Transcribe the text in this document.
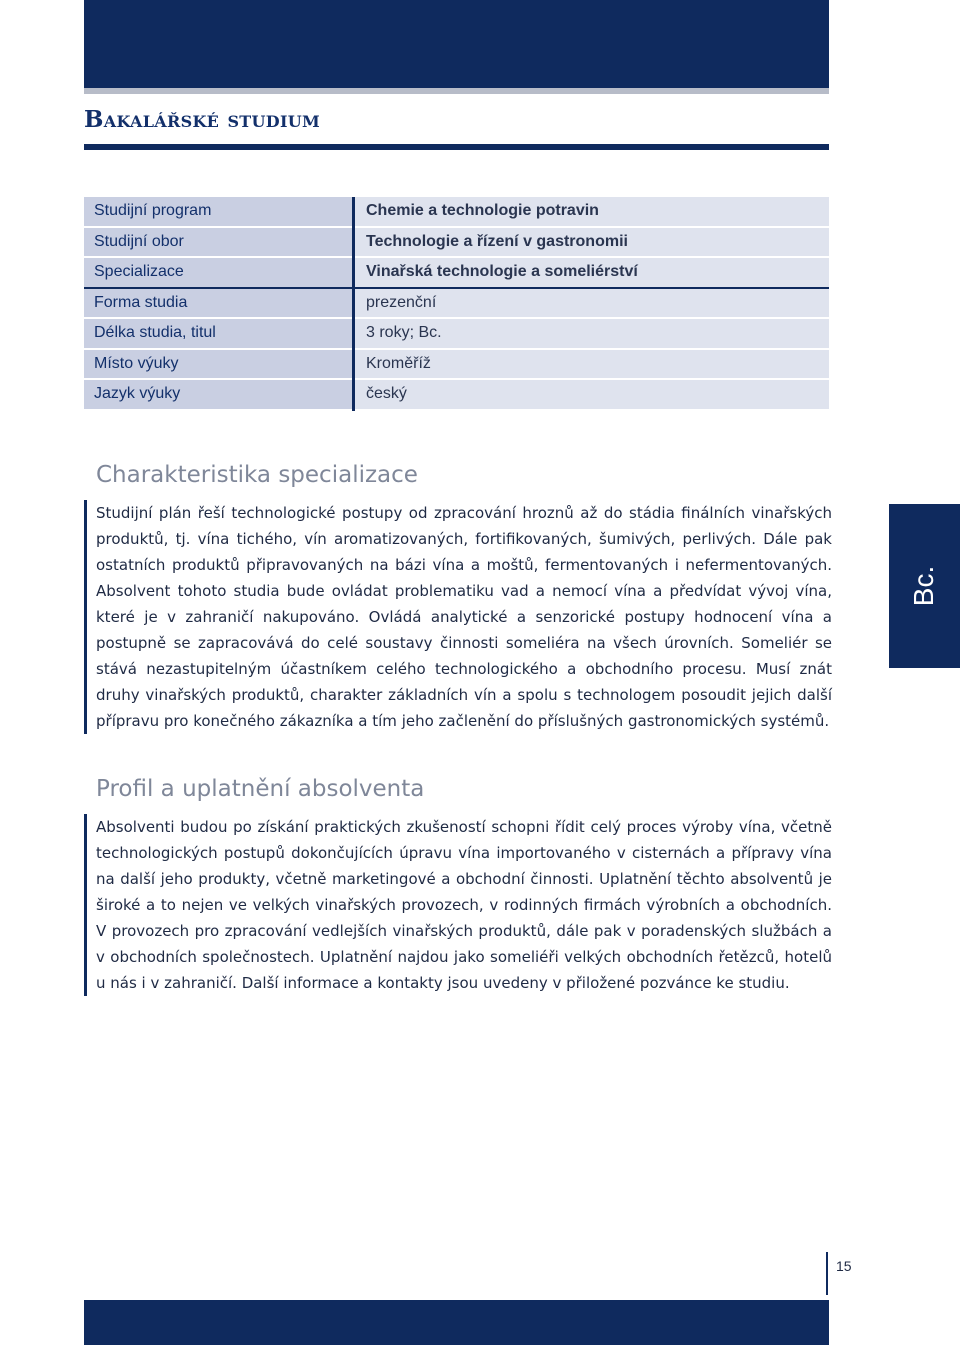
Bakalářské studium
Studijní program	Chemie a technologie potravin
Studijní obor	Technologie a řízení v gastronomii
Specializace	Vinařská technologie a someliérství
Forma studia	prezenční
Délka studia, titul	3 roky; Bc.
Místo výuky	Kroměříž
Jazyk výuky	český
Charakteristika specializace
Studijní plán řeší technologické postupy od zpracování hroznů až do stádia finálních vinařských produktů, tj. vína tichého, vín aromatizovaných, fortifikovaných, šumivých, perlivých. Dále pak ostatních produktů připravovaných na bázi vína a moštů, fermentovaných i nefermentovaných. Absolvent tohoto studia bude ovládat problematiku vad a nemocí vína a předvídat vývoj vína, které je v zahraničí nakupováno. Ovládá analytické a senzorické postupy hodnocení vína a postupně se zapracovává do celé soustavy činnosti someliéra na všech úrovních. Someliér se stává nezastupitelným účastníkem celého technologického a obchodního procesu. Musí znát druhy vinařských produktů, charakter základních vín a spolu s technologem posoudit jejich další přípravu pro konečného zákazníka a tím jeho začlenění do příslušných gastronomických systémů.
Profil a uplatnění absolventa
Absolventi budou po získání praktických zkušeností schopni řídit celý proces výroby vína, včetně technologických postupů dokončujících úpravu vína importovaného v cisternách a přípravy vína na další jeho produkty, včetně marketingové a obchodní činnosti. Uplatnění těchto absolventů je široké a to nejen ve velkých vinařských provozech, v rodinných firmách výrobních a obchodních. V provozech pro zpracování vedlejších vinařských produktů, dále pak v poradenských službách a v obchodních společnostech. Uplatnění najdou jako someliéři velkých obchodních řetězců, hotelů u nás i v zahraničí. Další informace a kontakty jsou uvedeny v přiložené pozvánce ke studiu.
Bc.
15
